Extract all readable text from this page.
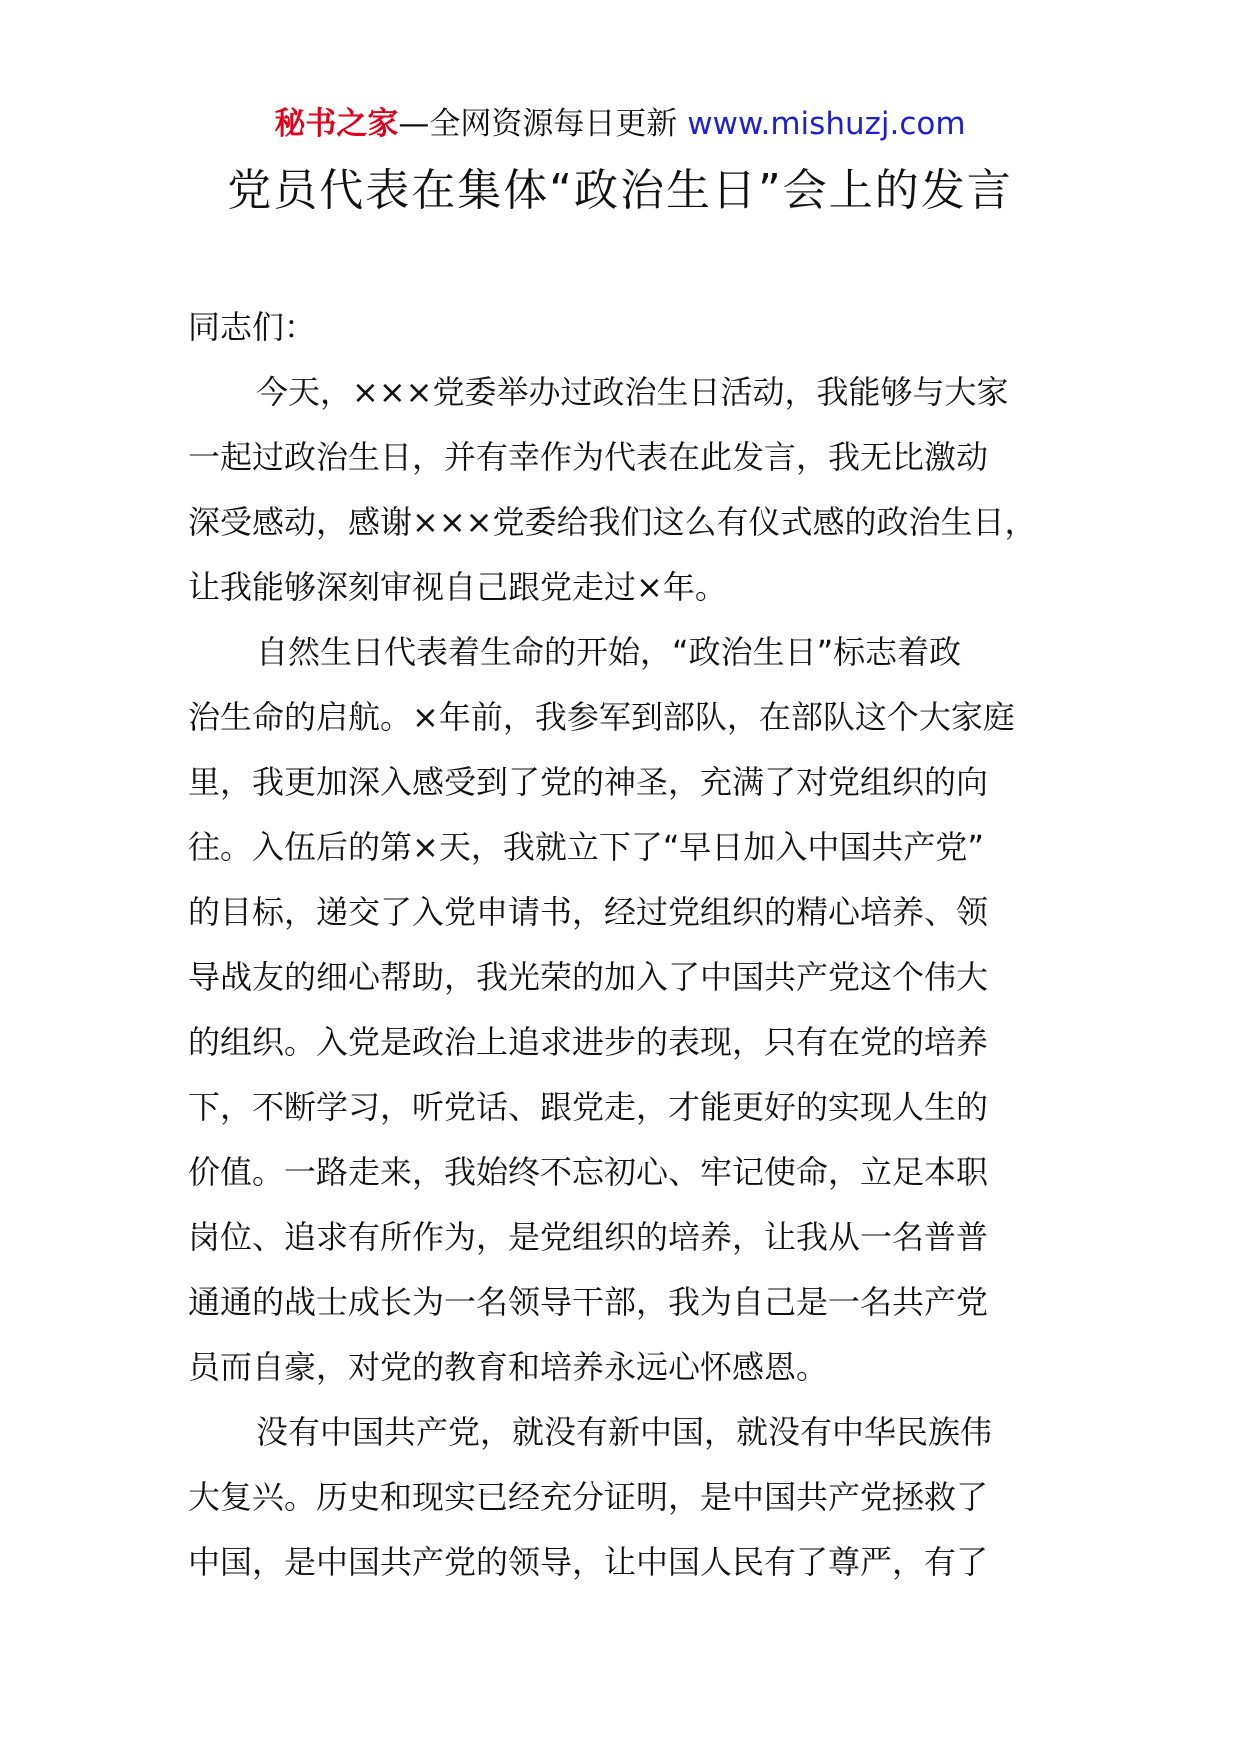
秘书之家—全网资源每日更新 www.mishuzj.com
党员代表在集体“政治生日”会上的发言
同志们：
今天，×××党委举办过政治生日活动，我能够与大家
一起过政治生日，并有幸作为代表在此发言，我无比激动
深受感动，感谢×××党委给我们这么有仪式感的政治生日，
让我能够深刻审视自己跟党走过×年。
自然生日代表着生命的开始，“政治生日”标志着政
治生命的启航。×年前，我参军到部队，在部队这个大家庭
里，我更加深入感受到了党的神圣，充满了对党组织的向
往。入伍后的第×天，我就立下了“早日加入中国共产党”
的目标，递交了入党申请书，经过党组织的精心培养、领
导战友的细心帮助，我光荣的加入了中国共产党这个伟大
的组织。入党是政治上追求进步的表现，只有在党的培养
下，不断学习，听党话、跟党走，才能更好的实现人生的
价值。一路走来，我始终不忘初心、牢记使命，立足本职
岗位、追求有所作为，是党组织的培养，让我从一名普普
通通的战士成长为一名领导干部，我为自己是一名共产党
员而自豪，对党的教育和培养永远心怀感恩。
没有中国共产党，就没有新中国，就没有中华民族伟
大复兴。历史和现实已经充分证明，是中国共产党拯救了
中国，是中国共产党的领导，让中国人民有了尊严，有了
